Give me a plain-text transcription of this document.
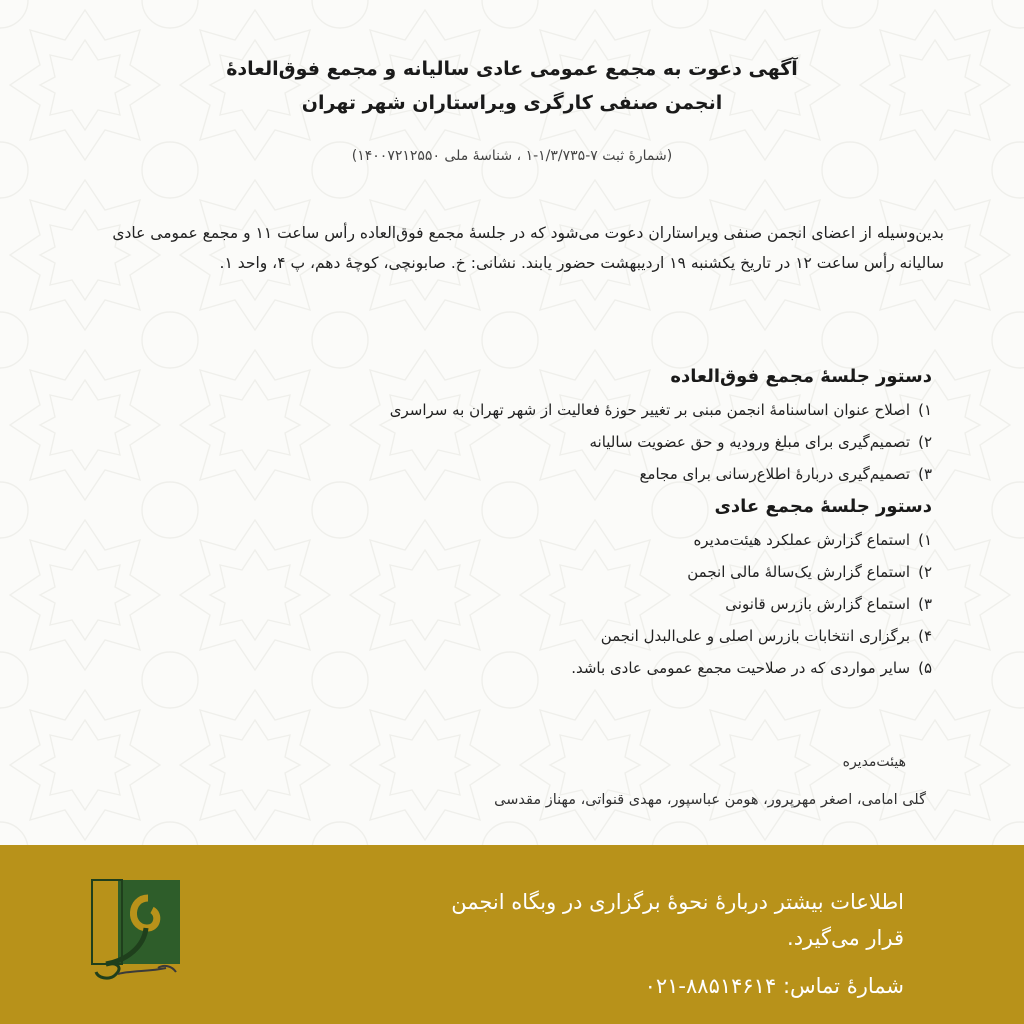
آگهی دعوت به مجمع عمومی عادی سالیانه و مجمع فوق‌العادهٔ
انجمن صنفی کارگری ویراستاران شهر تهران
(شمارهٔ ثبت ۷-۱/۳/۷۳۵-۱ ، شناسهٔ ملی ۱۴۰۰۷۲۱۲۵۵۰)
بدین‌وسیله از اعضای انجمن صنفی ویراستاران دعوت می‌شود که در جلسهٔ مجمع فوق‌العاده رأس ساعت ۱۱ و مجمع عمومی عادی سالیانه رأس ساعت ۱۲ در تاریخ یکشنبه ۱۹ اردیبهشت حضور یابند. نشانی: خ. صابونچی، کوچهٔ دهم، پ ۴، واحد ۱.
دستور جلسهٔ مجمع فوق‌العاده
۱)اصلاح عنوان اساسنامهٔ انجمن مبنی بر تغییر حوزهٔ فعالیت از شهر تهران به سراسری
۲)تصمیم‌گیری برای مبلغ ورودیه و حق عضویت سالیانه
۳)تصمیم‌گیری دربارهٔ اطلاع‌رسانی برای مجامع
دستور جلسهٔ مجمع عادی
۱)استماع گزارش عملکرد هیئت‌مدیره
۲)استماع گزارش یک‌سالهٔ مالی انجمن
۳)استماع گزارش بازرس قانونی
۴)برگزاری انتخابات بازرس اصلی و علی‌البدل انجمن
۵)سایر مواردی که در صلاحیت مجمع عمومی عادی باشد.
هیئت‌مدیره
گلی امامی، اصغر مهرپرور، هومن عباسپور، مهدی قنواتی، مهناز مقدسی
اطلاعات بیشتر دربارهٔ نحوهٔ برگزاری در وبگاه انجمن
قرار می‌گیرد.
شمارهٔ تماس: ۰۲۱-۸۸۵۱۴۶۱۴
